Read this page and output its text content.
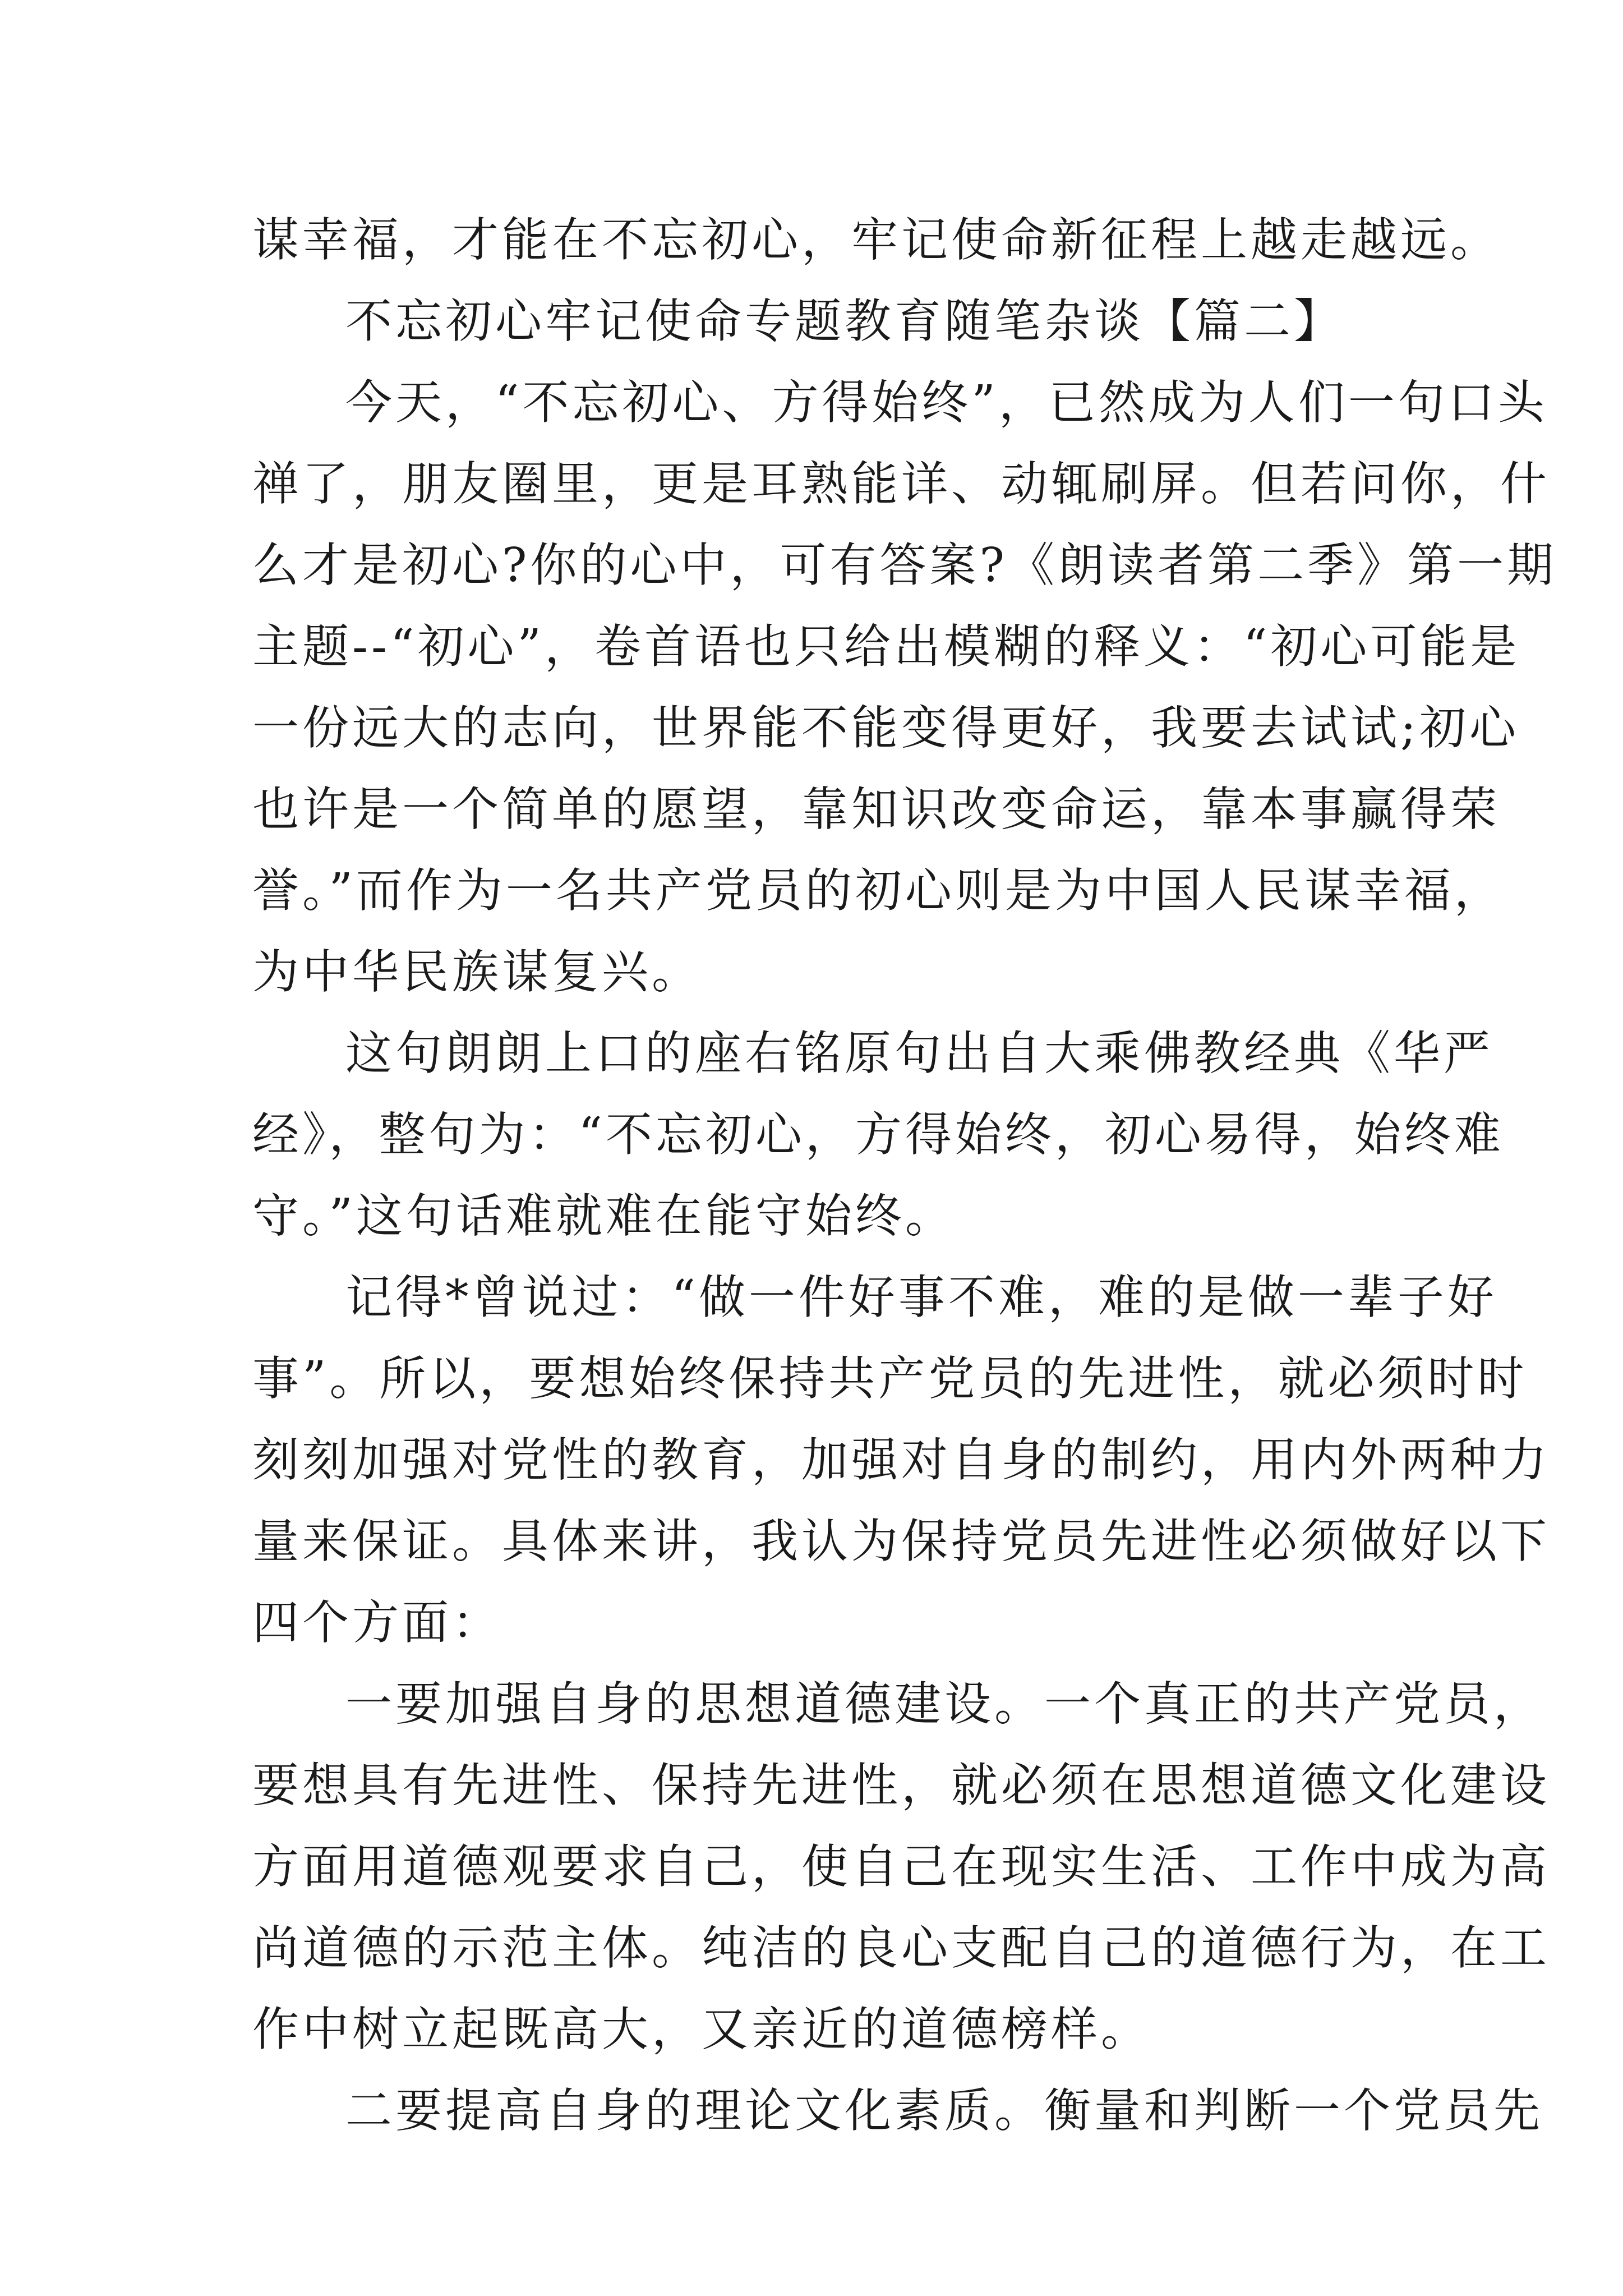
谋幸福，才能在不忘初心，牢记使命新征程上越走越远。
不忘初心牢记使命专题教育随笔杂谈【篇二】
今天，“不忘初心、方得始终”，已然成为人们一句口头
禅了，朋友圈里，更是耳熟能详、动辄刷屏。但若问你，什
么才是初心?你的心中，可有答案?《朗读者第二季》第一期
主题--“初心”，卷首语也只给出模糊的释义：“初心可能是
一份远大的志向，世界能不能变得更好，我要去试试;初心
也许是一个简单的愿望，靠知识改变命运，靠本事赢得荣
誉。”而作为一名共产党员的初心则是为中国人民谋幸福，
为中华民族谋复兴。
这句朗朗上口的座右铭原句出自大乘佛教经典《华严
经》，整句为：“不忘初心，方得始终，初心易得，始终难
守。”这句话难就难在能守始终。
记得*曾说过：“做一件好事不难，难的是做一辈子好
事”。所以，要想始终保持共产党员的先进性，就必须时时
刻刻加强对党性的教育，加强对自身的制约，用内外两种力
量来保证。具体来讲，我认为保持党员先进性必须做好以下
四个方面：
一要加强自身的思想道德建设。一个真正的共产党员，
要想具有先进性、保持先进性，就必须在思想道德文化建设
方面用道德观要求自己，使自己在现实生活、工作中成为高
尚道德的示范主体。纯洁的良心支配自己的道德行为，在工
作中树立起既高大，又亲近的道德榜样。
二要提高自身的理论文化素质。衡量和判断一个党员先
